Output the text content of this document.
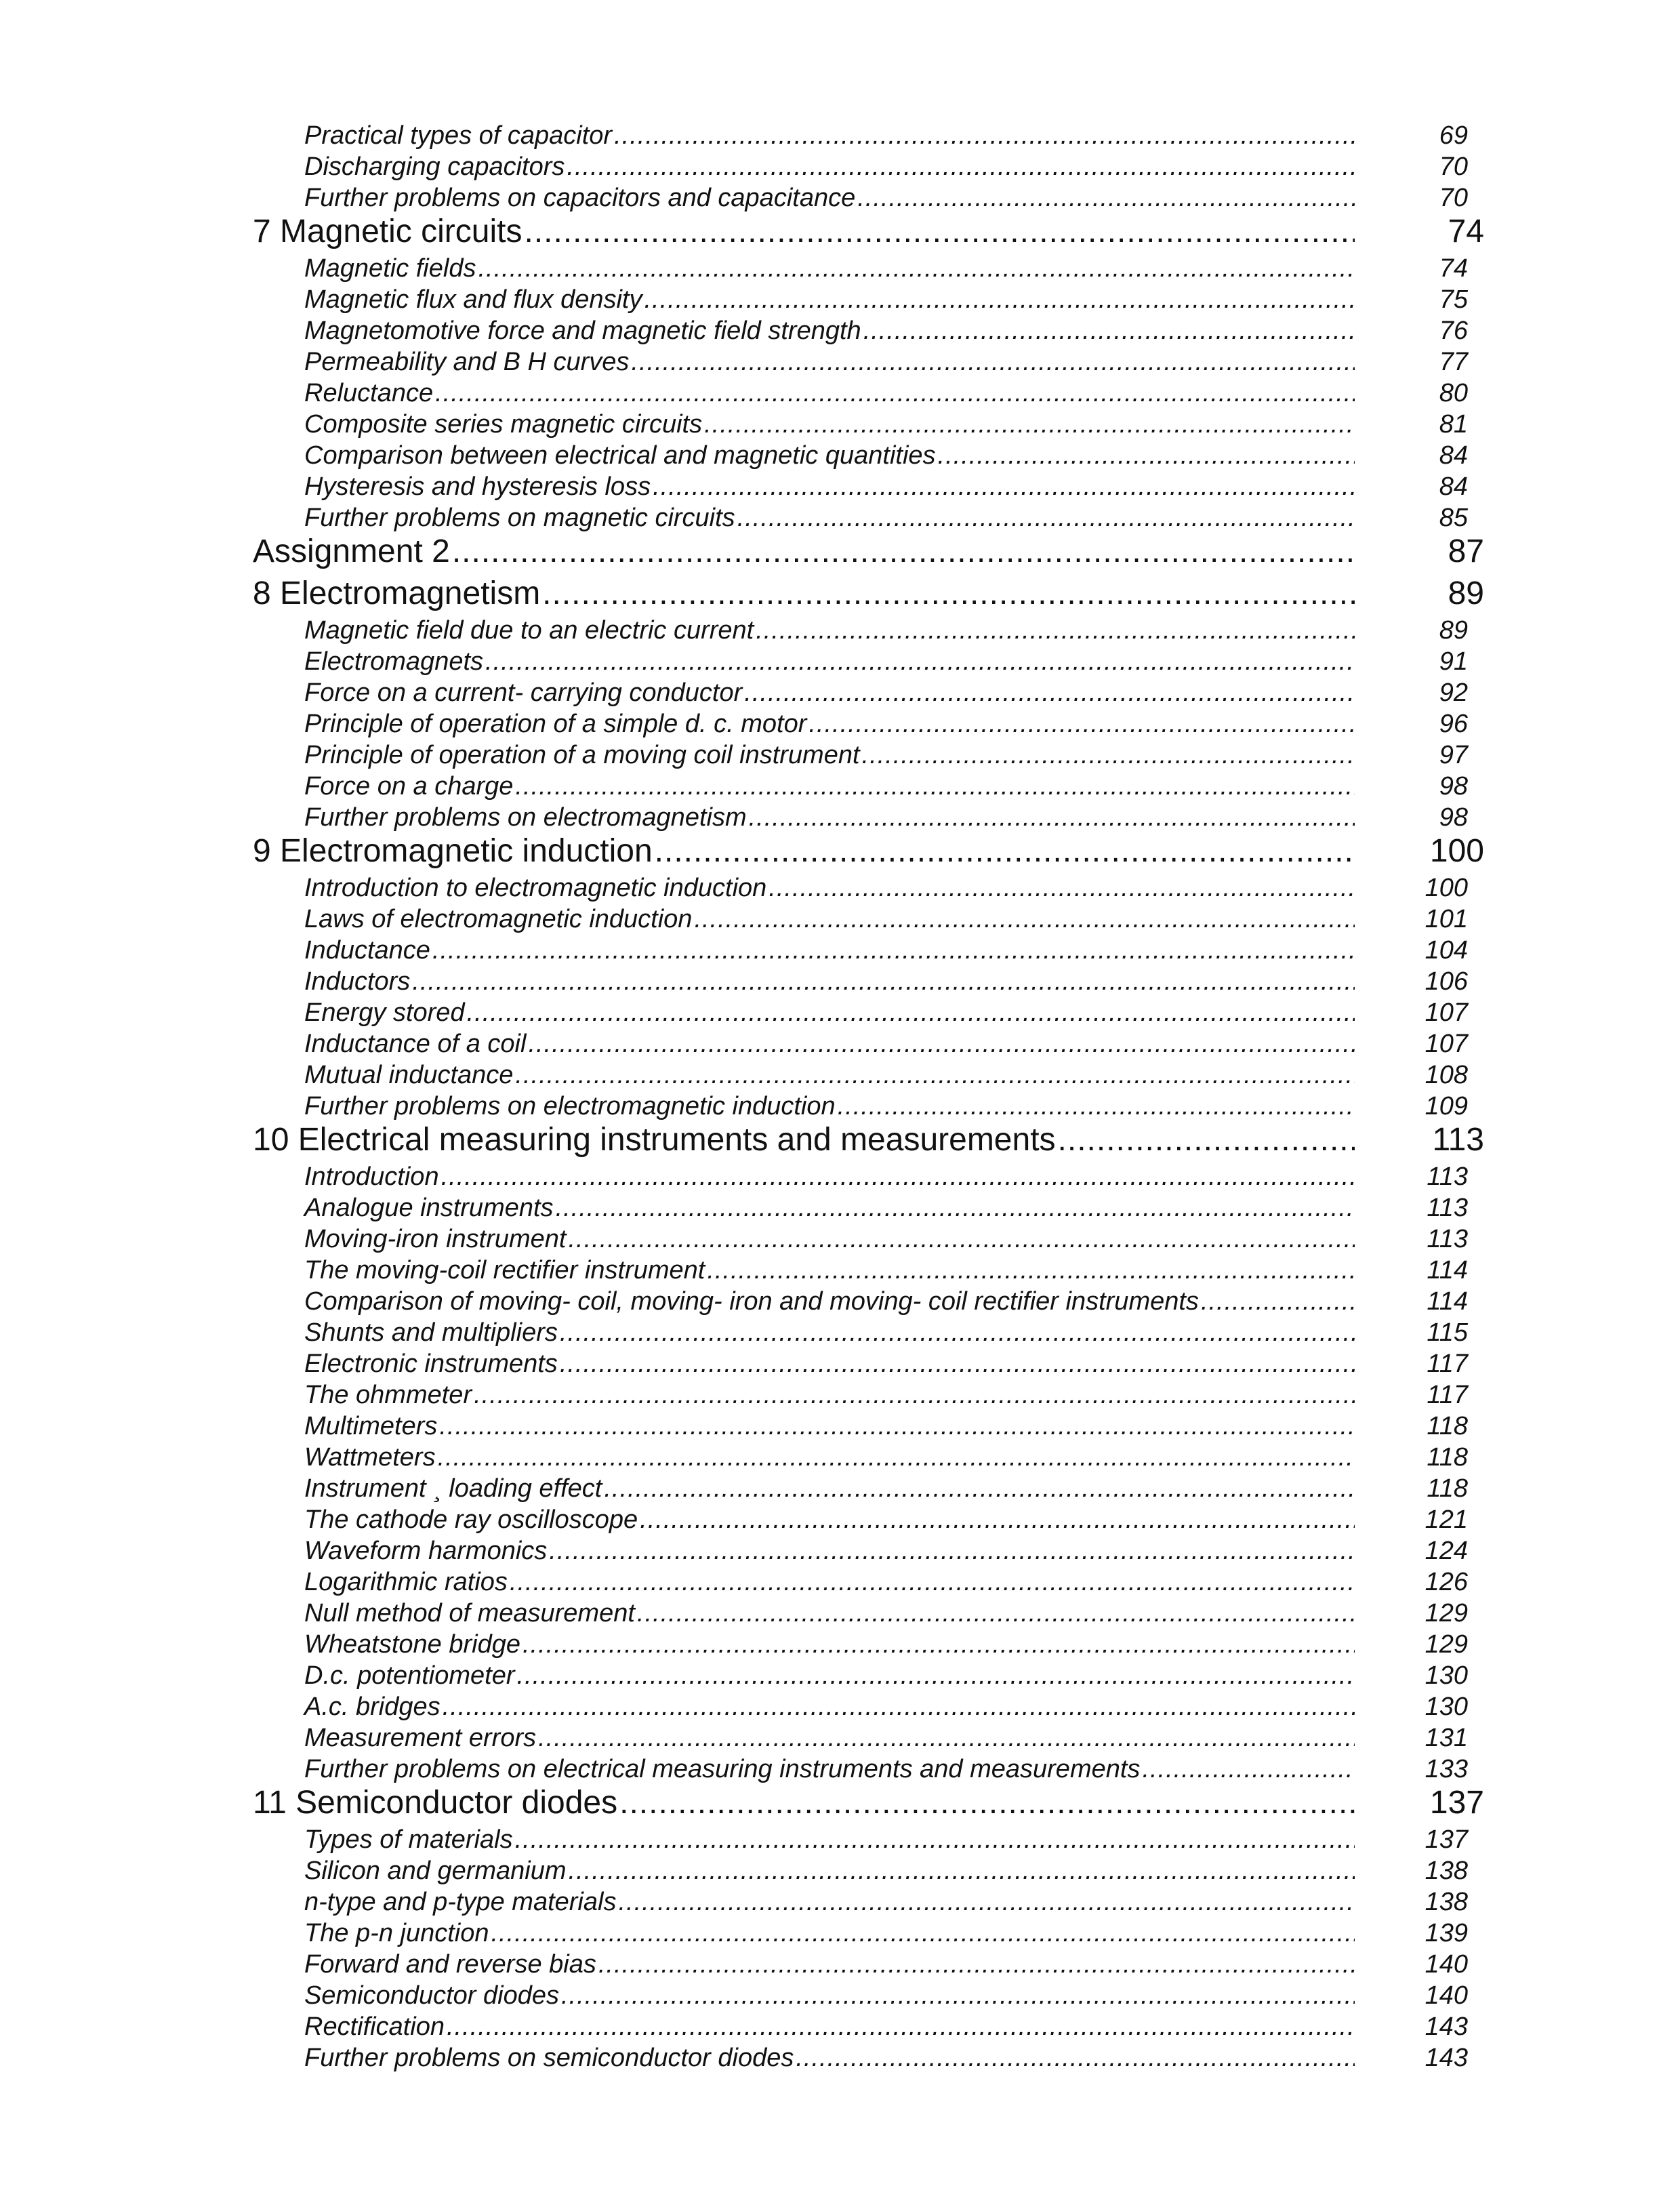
Practical types of capacitor .....	69
Discharging capacitors .....	70
Further problems on capacitors and capacitance .....	70
7 Magnetic circuits .....	74
Magnetic fields .....	74
Magnetic flux and flux density .....	75
Magnetomotive force and magnetic field strength .....	76
Permeability and B H curves .....	77
Reluctance .....	80
Composite series magnetic circuits .....	81
Comparison between electrical and magnetic quantities .....	84
Hysteresis and hysteresis loss .....	84
Further problems on magnetic circuits .....	85
Assignment 2 .....	87
8 Electromagnetism .....	89
Magnetic field due to an electric current .....	89
Electromagnets .....	91
Force on a current- carrying conductor .....	92
Principle of operation of a simple d. c. motor .....	96
Principle of operation of a moving coil instrument .....	97
Force on a charge .....	98
Further problems on electromagnetism .....	98
9 Electromagnetic induction .....	100
Introduction to electromagnetic induction .....	100
Laws of electromagnetic induction .....	101
Inductance .....	104
Inductors .....	106
Energy stored .....	107
Inductance of a coil .....	107
Mutual inductance .....	108
Further problems on electromagnetic induction .....	109
10 Electrical measuring instruments and measurements .....	113
Introduction .....	113
Analogue instruments .....	113
Moving-iron instrument .....	113
The moving-coil rectifier instrument .....	114
Comparison of moving- coil, moving- iron and moving- coil rectifier instruments .....	114
Shunts and multipliers .....	115
Electronic instruments .....	117
The ohmmeter .....	117
Multimeters .....	118
Wattmeters .....	118
Instrument ¸ loading effect .....	118
The cathode ray oscilloscope .....	121
Waveform harmonics .....	124
Logarithmic ratios .....	126
Null method of measurement .....	129
Wheatstone bridge .....	129
D.c. potentiometer .....	130
A.c. bridges .....	130
Measurement errors .....	131
Further problems on electrical measuring instruments and measurements .....	133
11 Semiconductor diodes .....	137
Types of materials .....	137
Silicon and germanium .....	138
n-type and p-type materials .....	138
The p-n junction .....	139
Forward and reverse bias .....	140
Semiconductor diodes .....	140
Rectification .....	143
Further problems on semiconductor diodes .....	143
